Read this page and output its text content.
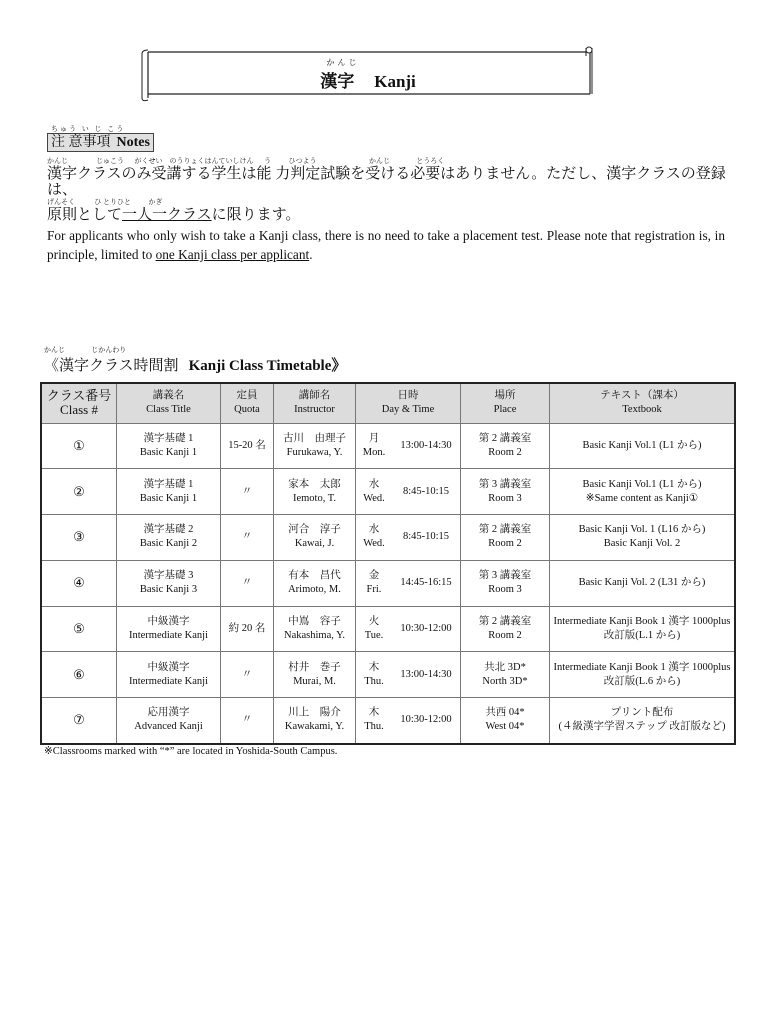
かんじ
漢字 Kanji
ちゅう い じ こう
注 意事項 Notes
かんじ                じゅこう      がくせい    のうりょくはんていしけん      う          ひつよう                              かんじ               とうろく
漢字クラスのみ受講する学生は能 力判定試験を受ける必要はありません。ただし、漢字クラスの登録は、
げんそく           ひ とりひと          かぎ
原則として一人一クラスに限ります。
For applicants who only wish to take a Kanji class, there is no need to take a placement test. Please note that registration is, in principle, limited to one Kanji class per applicant.
かんじ               じかんわり
《漢字クラス時間割 Kanji Class Timetable》
クラス番号
Class #	講義名
Class Title	定員
Quota	講師名
Instructor	日時
Day & Time		場所
Place	テキスト（課本）
Textbook

①	漢字基礎 1
Basic Kanji 1	15-20 名	古川　由理子
Furukawa, Y.	月
Mon.	13:00-14:30	第 2 講義室
Room 2	Basic Kanji Vol.1 (L1 から)

②	漢字基礎 1
Basic Kanji 1	〃	家本　太郎
Iemoto, T.	水
Wed.	8:45-10:15	第 3 講義室
Room 3	Basic Kanji Vol.1 (L1 から)
※Same content as Kanji①

③	漢字基礎 2
Basic Kanji 2	〃	河合　淳子
Kawai, J.	水
Wed.	8:45-10:15	第 2 講義室
Room 2	Basic Kanji Vol. 1 (L16 から)
Basic Kanji Vol. 2

④	漢字基礎 3
Basic Kanji 3	〃	有本　昌代
Arimoto, M.	金
Fri.	14:45-16:15	第 3 講義室
Room 3	Basic Kanji Vol. 2 (L31 から)

⑤	中級漢字
Intermediate Kanji	約 20 名	中嶌　容子
Nakashima, Y.	火
Tue.	10:30-12:00	第 2 講義室
Room 2	Intermediate Kanji Book 1 漢字 1000plus
改訂版(L.1 から)

⑥	中級漢字
Intermediate Kanji	〃	村井　巻子
Murai, M.	木
Thu.	13:00-14:30	共北 3D*
North 3D*	Intermediate Kanji Book 1 漢字 1000plus
改訂版(L.6 から)

⑦	応用漢字
Advanced Kanji	〃	川上　陽介
Kawakami, Y.	木
Thu.	10:30-12:00	共西 04*
West 04*	プリント配布
(４級漢字学習ステップ 改訂版など)
※Classrooms marked with “*” are located in Yoshida-South Campus.
